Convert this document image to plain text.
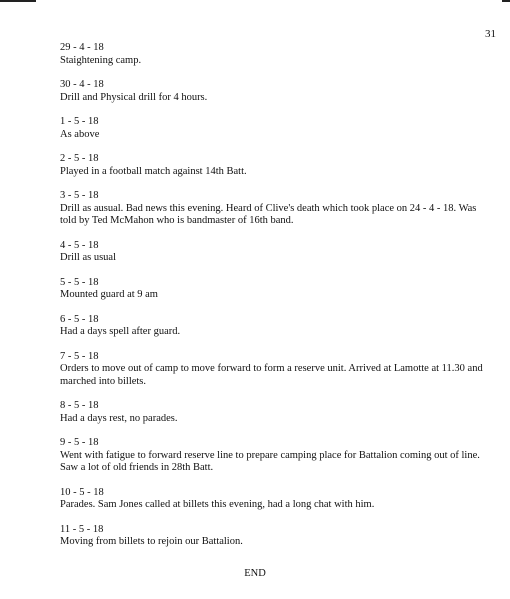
31
29 - 4 - 18
Staightening camp.
30 - 4 - 18
Drill and Physical drill for 4 hours.
1 - 5 - 18
As above
2 - 5 - 18
Played in a football match against 14th Batt.
3 - 5 - 18
Drill as ausual. Bad news this evening. Heard of Clive's death which took place on 24 - 4 - 18. Was told by Ted McMahon who is bandmaster of 16th band.
4 - 5 - 18
Drill as usual
5 - 5 - 18
Mounted guard at 9 am
6 - 5 - 18
Had a days spell after guard.
7 - 5 - 18
Orders to move out of camp to move forward to form a reserve unit. Arrived at Lamotte at 11.30 and marched into billets.
8 - 5 - 18
Had a days rest, no parades.
9 - 5 - 18
Went with fatigue to forward reserve line to prepare camping place for Battalion coming out of line. Saw a lot of old friends in 28th Batt.
10 - 5 - 18
Parades. Sam Jones called at billets this evening, had a long chat with him.
11 - 5 - 18
Moving from billets to rejoin our Battalion.
END
